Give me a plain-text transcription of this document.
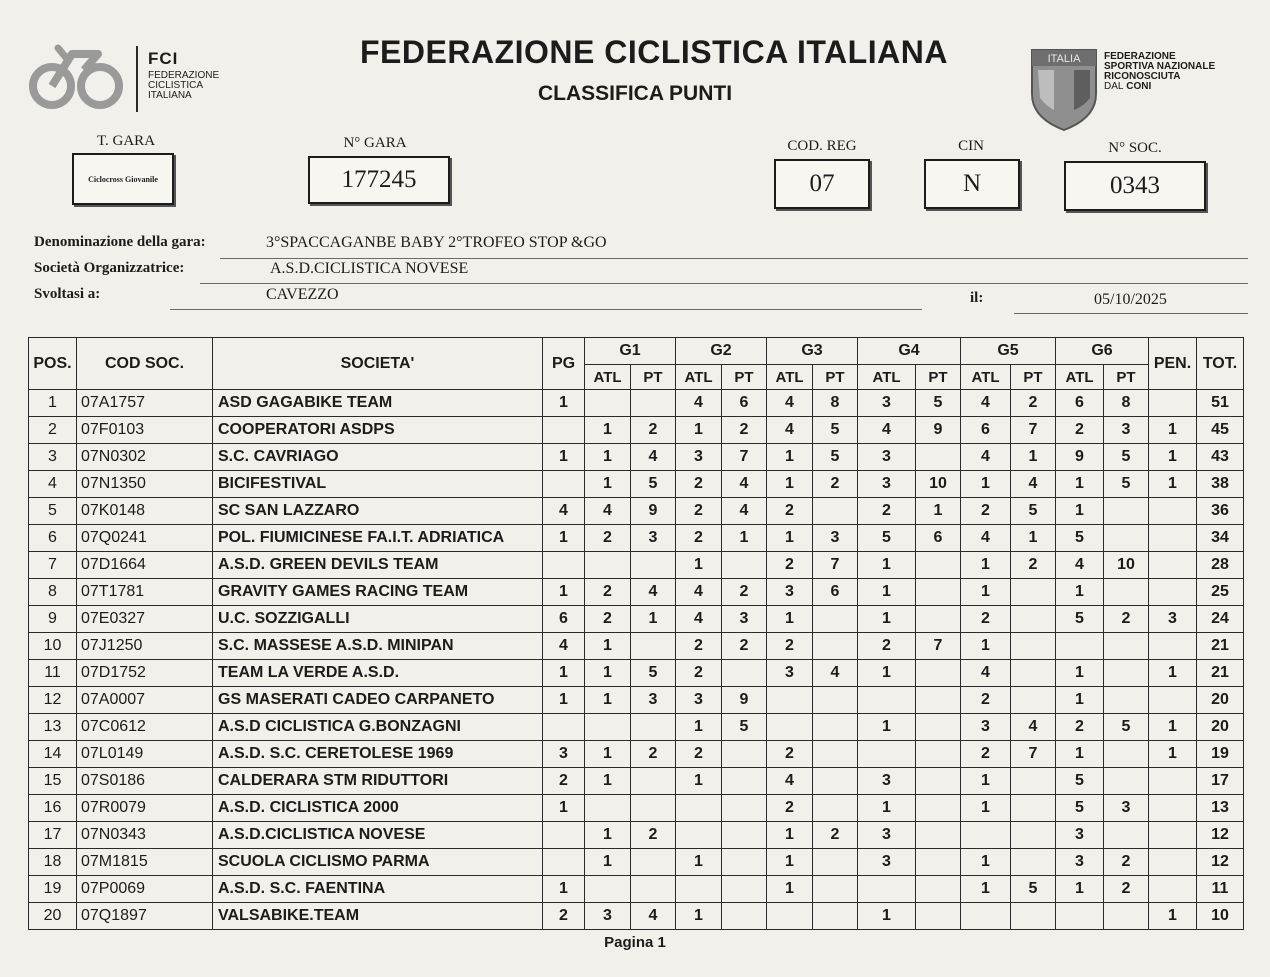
FCI
FEDERAZIONE
CICLISTICA
ITALIANA
FEDERAZIONE CICLISTICA ITALIANA
CLASSIFICA PUNTI
ITALIA FEDERAZIONE
SPORTIVA NAZIONALE
RICONOSCIUTA
DAL CONI
T. GARA
Ciclocross Giovanile
N° GARA
177245
COD. REG
07
CIN
N
N° SOC.
0343
Denominazione della gara:	3°SPACCAGANBE BABY 2°TROFEO STOP &GO
Società Organizzatrice:	A.S.D.CICLISTICA NOVESE
Svoltasi a:	CAVEZZO	il:	05/10/2025
POS.	COD SOC.	SOCIETA'	PG	G1		G2		G3		G4		G5		G6		PEN.	TOT.
				ATL	PT	ATL	PT	ATL	PT	ATL	PT	ATL	PT	ATL	PT		
1	07A1757	ASD GAGABIKE TEAM	1			4	6	4	8	3	5	4	2	6	8		51
2	07F0103	COOPERATORI ASDPS		1	2	1	2	4	5	4	9	6	7	2	3	1	45
3	07N0302	S.C. CAVRIAGO	1	1	4	3	7	1	5	3		4	1	9	5	1	43
4	07N1350	BICIFESTIVAL		1	5	2	4	1	2	3	10	1	4	1	5	1	38
5	07K0148	SC SAN LAZZARO	4	4	9	2	4	2		2	1	2	5	1			36
6	07Q0241	POL. FIUMICINESE FA.I.T. ADRIATICA	1	2	3	2	1	1	3	5	6	4	1	5			34
7	07D1664	A.S.D. GREEN DEVILS TEAM				1		2	7	1		1	2	4	10		28
8	07T1781	GRAVITY GAMES RACING TEAM	1	2	4	4	2	3	6	1		1		1			25
9	07E0327	U.C. SOZZIGALLI	6	2	1	4	3	1		1		2		5	2	3	24
10	07J1250	S.C. MASSESE A.S.D. MINIPAN	4	1		2	2	2		2	7	1					21
11	07D1752	TEAM LA VERDE A.S.D.	1	1	5	2		3	4	1		4		1		1	21
12	07A0007	GS MASERATI CADEO CARPANETO	1	1	3	3	9					2		1			20
13	07C0612	A.S.D CICLISTICA G.BONZAGNI				1	5			1		3	4	2	5	1	20
14	07L0149	A.S.D. S.C. CERETOLESE 1969	3	1	2	2		2				2	7	1		1	19
15	07S0186	CALDERARA STM RIDUTTORI	2	1		1		4		3		1		5			17
16	07R0079	A.S.D. CICLISTICA 2000	1					2		1		1		5	3		13
17	07N0343	A.S.D.CICLISTICA NOVESE		1	2			1	2	3				3			12
18	07M1815	SCUOLA CICLISMO PARMA		1		1		1		3		1		3	2		12
19	07P0069	A.S.D. S.C. FAENTINA	1					1				1	5	1	2		11
20	07Q1897	VALSABIKE.TEAM	2	3	4	1				1						1	10
Pagina 1
